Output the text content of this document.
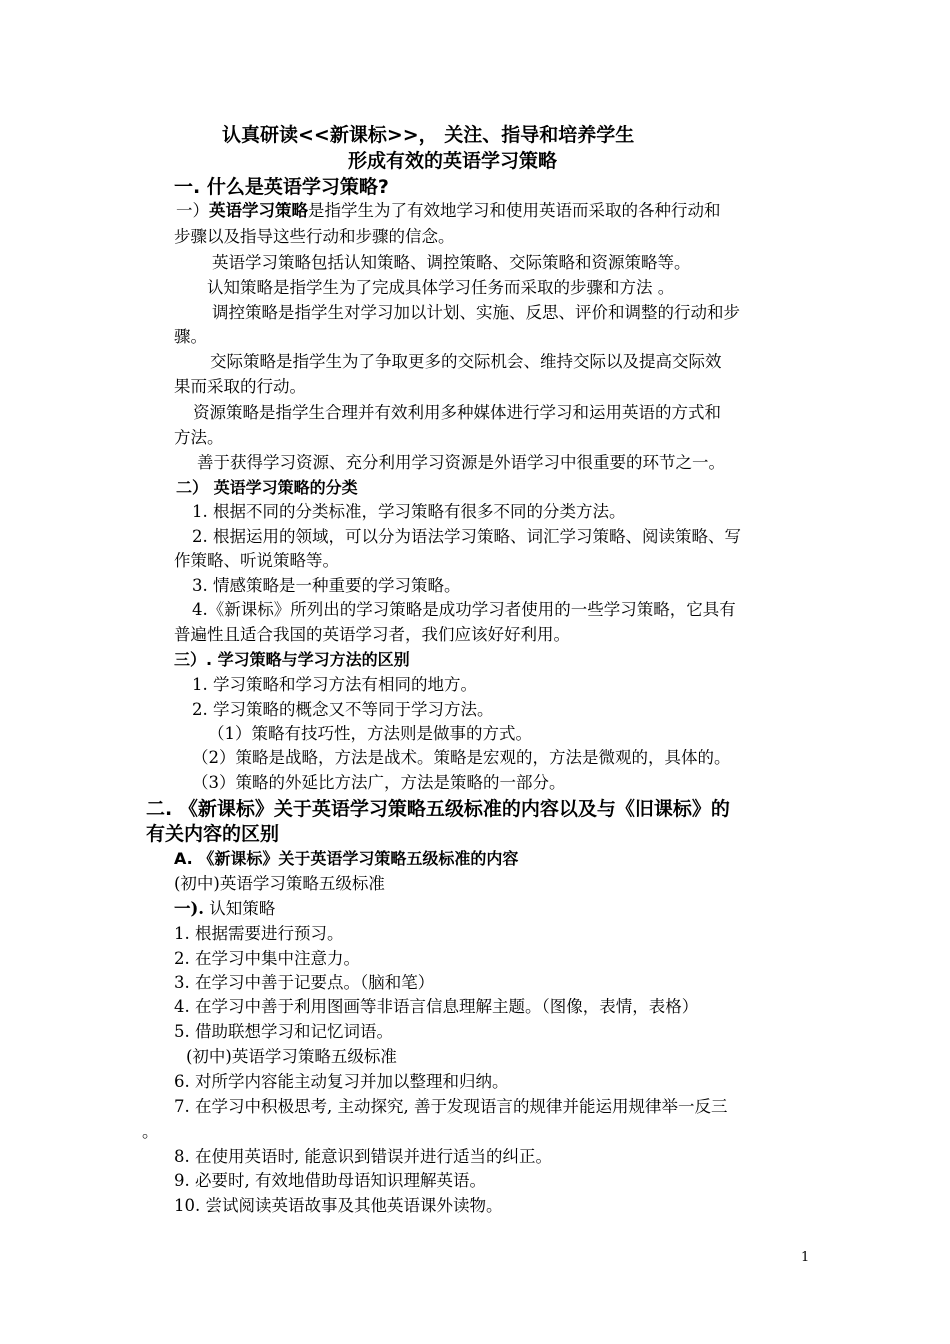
认真研读<<新课标>>， 关注、指导和培养学生
形成有效的英语学习策略
一. 什么是英语学习策略?
一）英语学习策略是指学生为了有效地学习和使用英语而采取的各种行动和
步骤以及指导这些行动和步骤的信念。
英语学习策略包括认知策略、调控策略、交际策略和资源策略等。
认知策略是指学生为了完成具体学习任务而采取的步骤和方法 。
调控策略是指学生对学习加以计划、实施、反思、评价和调整的行动和步
骤。
交际策略是指学生为了争取更多的交际机会、维持交际以及提高交际效
果而采取的行动。
资源策略是指学生合理并有效利用多种媒体进行学习和运用英语的方式和
方法。
善于获得学习资源、充分利用学习资源是外语学习中很重要的环节之一。
二） 英语学习策略的分类
1. 根据不同的分类标准，学习策略有很多不同的分类方法。
2. 根据运用的领域，可以分为语法学习策略、词汇学习策略、阅读策略、写
作策略、听说策略等。
3. 情感策略是一种重要的学习策略。
4.《新课标》所列出的学习策略是成功学习者使用的一些学习策略，它具有
普遍性且适合我国的英语学习者，我们应该好好利用。
三）. 学习策略与学习方法的区别
1. 学习策略和学习方法有相同的地方。
2. 学习策略的概念又不等同于学习方法。
（1）策略有技巧性，方法则是做事的方式。
（2）策略是战略，方法是战术。策略是宏观的，方法是微观的，具体的。
（3）策略的外延比方法广，方法是策略的一部分。
二. 《新课标》关于英语学习策略五级标准的内容以及与《旧课标》的
有关内容的区别
A. 《新课标》关于英语学习策略五级标准的内容
(初中)英语学习策略五级标准
一). 认知策略
1. 根据需要进行预习。
2. 在学习中集中注意力。
3. 在学习中善于记要点。（脑和笔）
4. 在学习中善于利用图画等非语言信息理解主题。（图像，表情，表格）
5. 借助联想学习和记忆词语。
(初中)英语学习策略五级标准
6. 对所学内容能主动复习并加以整理和归纳。
7. 在学习中积极思考, 主动探究, 善于发现语言的规律并能运用规律举一反三
。
8. 在使用英语时, 能意识到错误并进行适当的纠正。
9. 必要时, 有效地借助母语知识理解英语。
10. 尝试阅读英语故事及其他英语课外读物。
1
